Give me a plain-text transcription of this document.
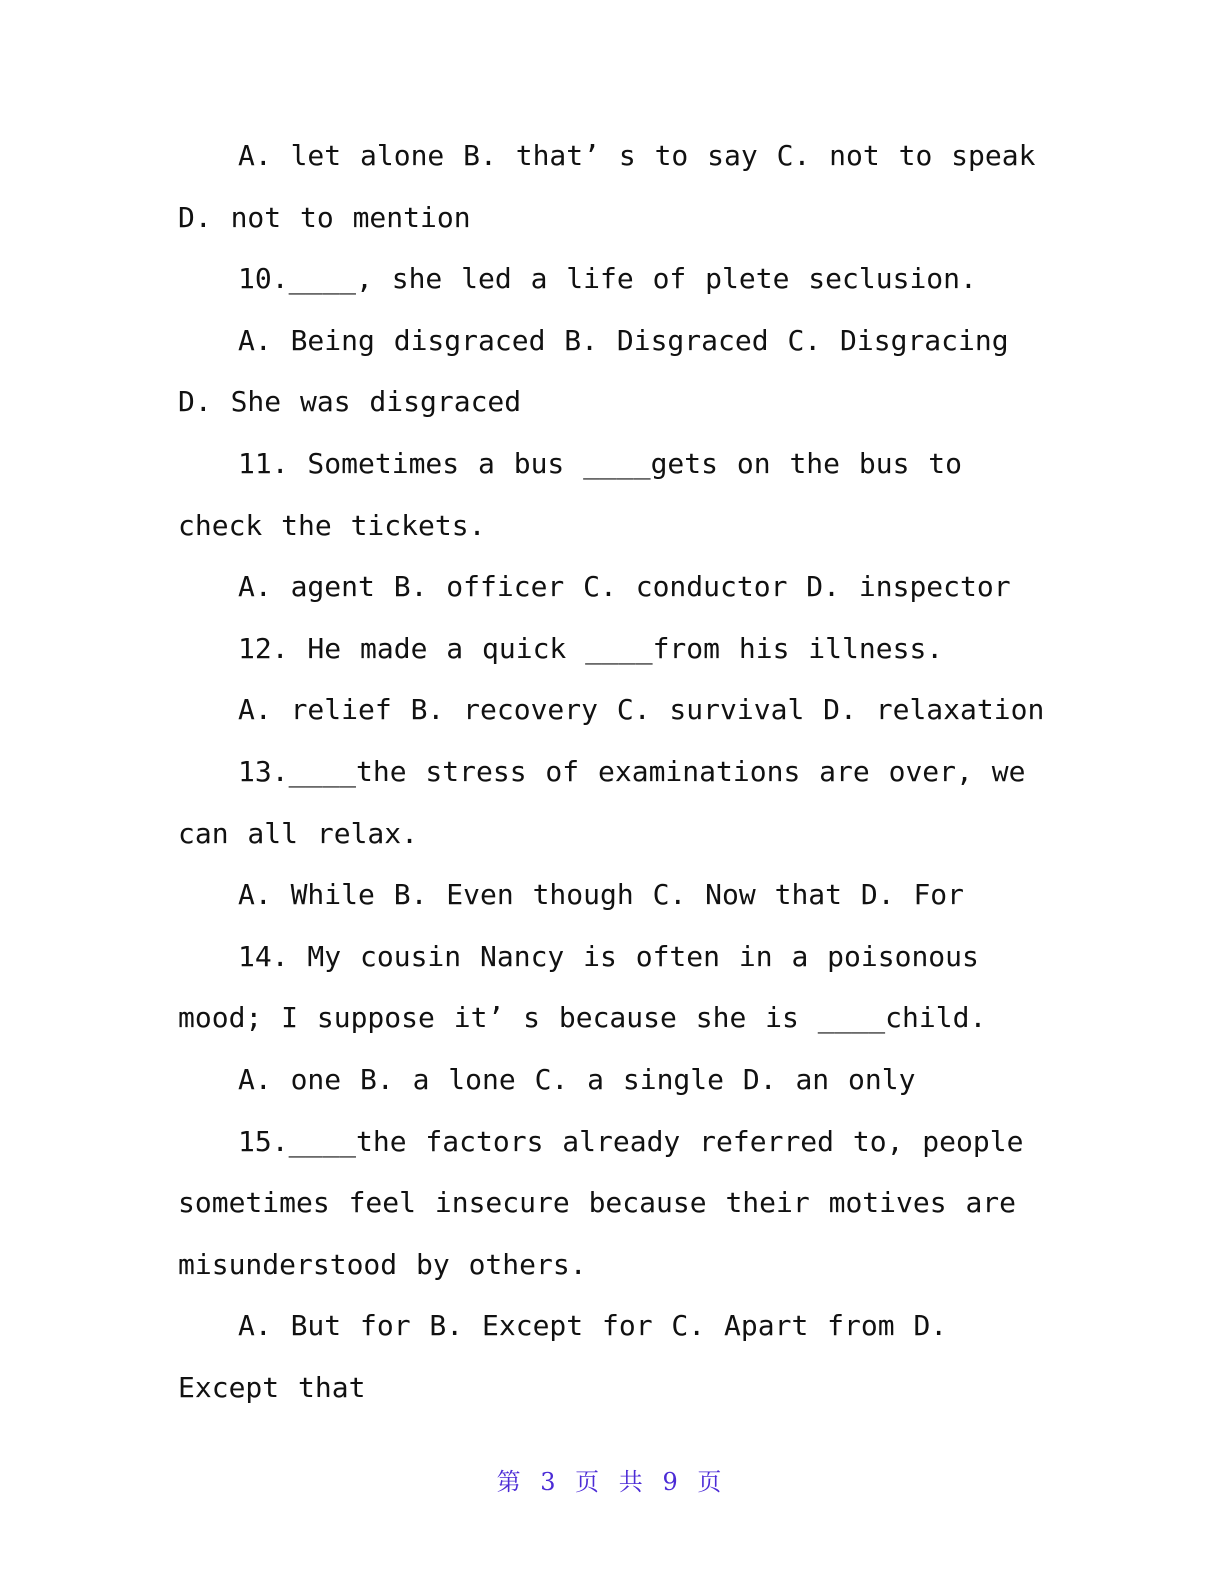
A. let alone B. that’ s to say C. not to speak D. not to mention

10.____, she led a life of plete seclusion.

A. Being disgraced B. Disgraced C. Disgracing D. She was disgraced

11. Sometimes a bus ____gets on the bus to check the tickets.

A. agent B. officer C. conductor D. inspector

12. He made a quick ____from his illness.

A. relief B. recovery C. survival D. relaxation

13.____the stress of examinations are over, we can all relax.

A. While B. Even though C. Now that D. For

14. My cousin Nancy is often in a poisonous mood; I suppose it’ s because she is ____child.

A. one B. a lone C. a single D. an only

15.____the factors already referred to, people sometimes feel insecure because their motives are misunderstood by others.

A. But for B. Except for C. Apart from D. Except that

第 3 页 共 9 页
